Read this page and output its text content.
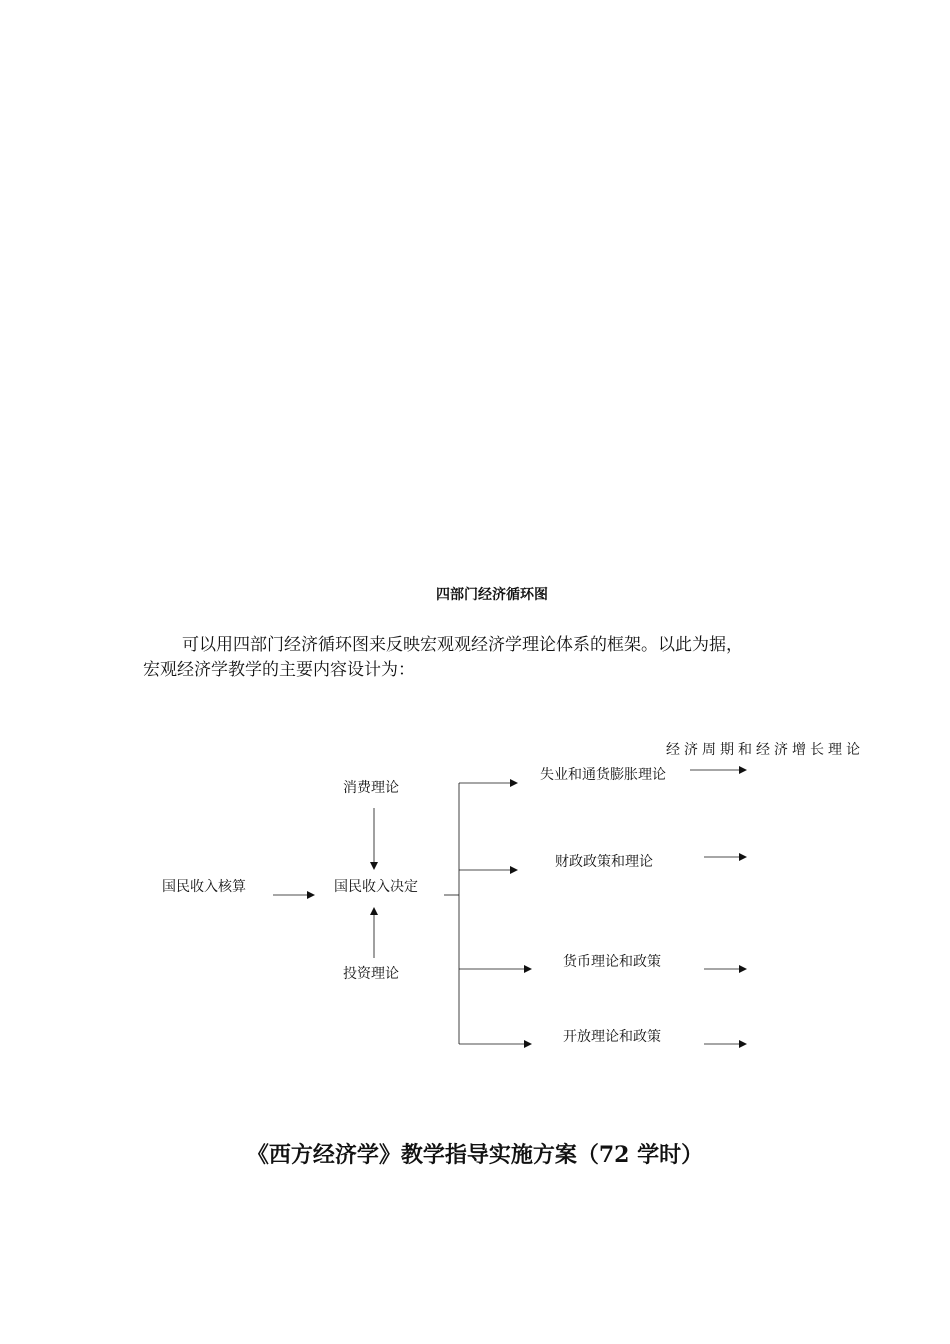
四部门经济循环图
可以用四部门经济循环图来反映宏观观经济学理论体系的框架。以此为据，
宏观经济学教学的主要内容设计为：
国民收入核算	国民收入决定
消费理论
投资理论
失业和通货膨胀理论
经济周期和经济增长理论
财政政策和理论
货币理论和政策
开放理论和政策
《西方经济学》教学指导实施方案（72 学时）
